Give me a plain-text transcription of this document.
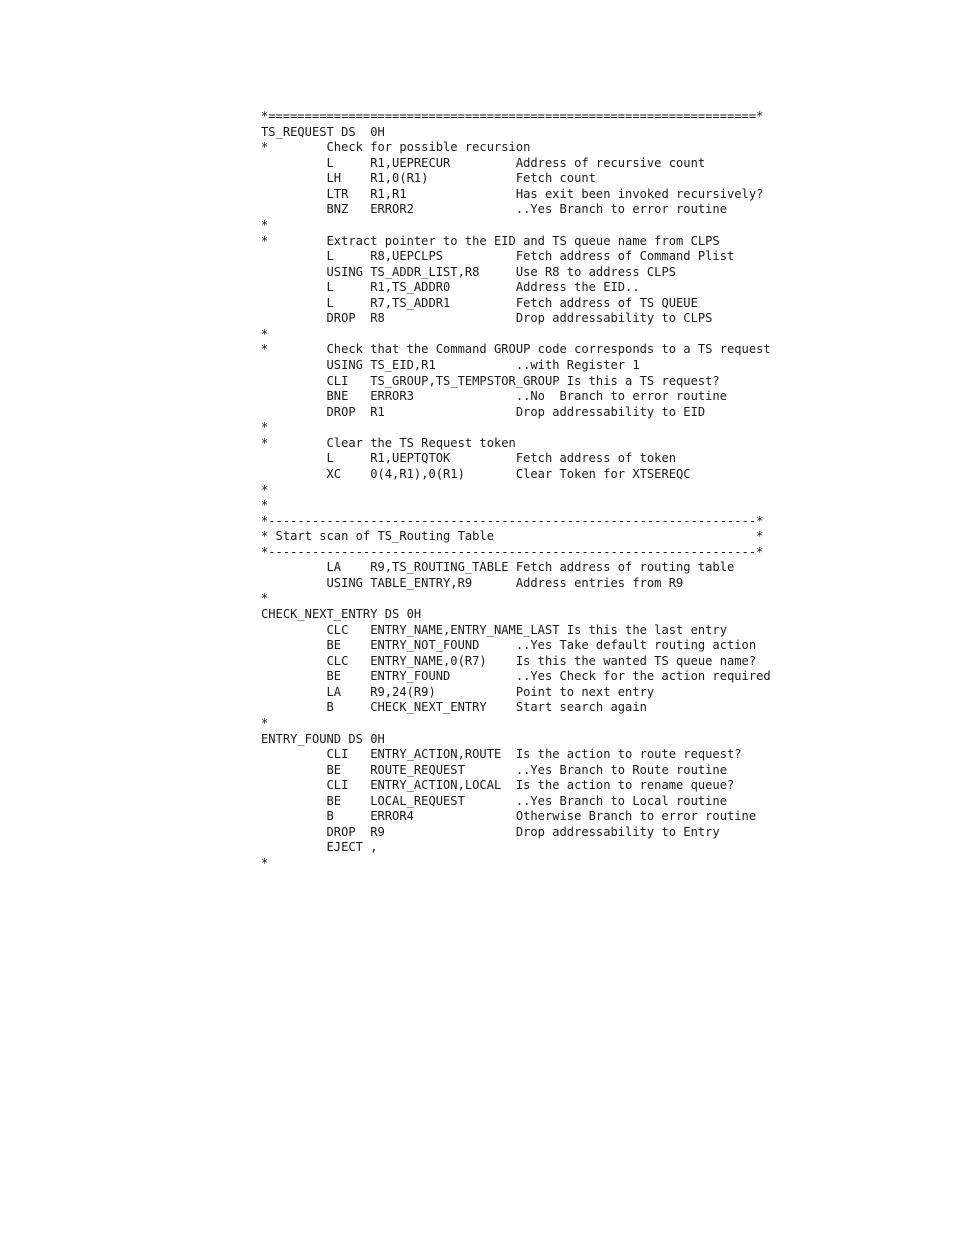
*===================================================================*
TS_REQUEST DS  0H
*        Check for possible recursion
L     R1,UEPRECUR         Address of recursive count
LH    R1,0(R1)            Fetch count
LTR   R1,R1               Has exit been invoked recursively?
BNZ   ERROR2              ..Yes Branch to error routine
*
*        Extract pointer to the EID and TS queue name from CLPS
L     R8,UEPCLPS          Fetch address of Command Plist
USING TS_ADDR_LIST,R8     Use R8 to address CLPS
L     R1,TS_ADDR0         Address the EID..
L     R7,TS_ADDR1         Fetch address of TS QUEUE
DROP  R8                  Drop addressability to CLPS
*
*        Check that the Command GROUP code corresponds to a TS request
USING TS_EID,R1           ..with Register 1
CLI   TS_GROUP,TS_TEMPSTOR_GROUP Is this a TS request?
BNE   ERROR3              ..No  Branch to error routine
DROP  R1                  Drop addressability to EID
*
*        Clear the TS Request token
L     R1,UEPTQTOK         Fetch address of token
XC    0(4,R1),0(R1)       Clear Token for XTSEREQC
*
*
*-------------------------------------------------------------------*
* Start scan of TS_Routing Table                                    *
*-------------------------------------------------------------------*
LA    R9,TS_ROUTING_TABLE Fetch address of routing table
USING TABLE_ENTRY,R9      Address entries from R9
*
CHECK_NEXT_ENTRY DS 0H
CLC   ENTRY_NAME,ENTRY_NAME_LAST Is this the last entry
BE    ENTRY_NOT_FOUND     ..Yes Take default routing action
CLC   ENTRY_NAME,0(R7)    Is this the wanted TS queue name?
BE    ENTRY_FOUND         ..Yes Check for the action required
LA    R9,24(R9)           Point to next entry
B     CHECK_NEXT_ENTRY    Start search again
*
ENTRY_FOUND DS 0H
CLI   ENTRY_ACTION,ROUTE  Is the action to route request?
BE    ROUTE_REQUEST       ..Yes Branch to Route routine
CLI   ENTRY_ACTION,LOCAL  Is the action to rename queue?
BE    LOCAL_REQUEST       ..Yes Branch to Local routine
B     ERROR4              Otherwise Branch to error routine
DROP  R9                  Drop addressability to Entry
EJECT ,
*
